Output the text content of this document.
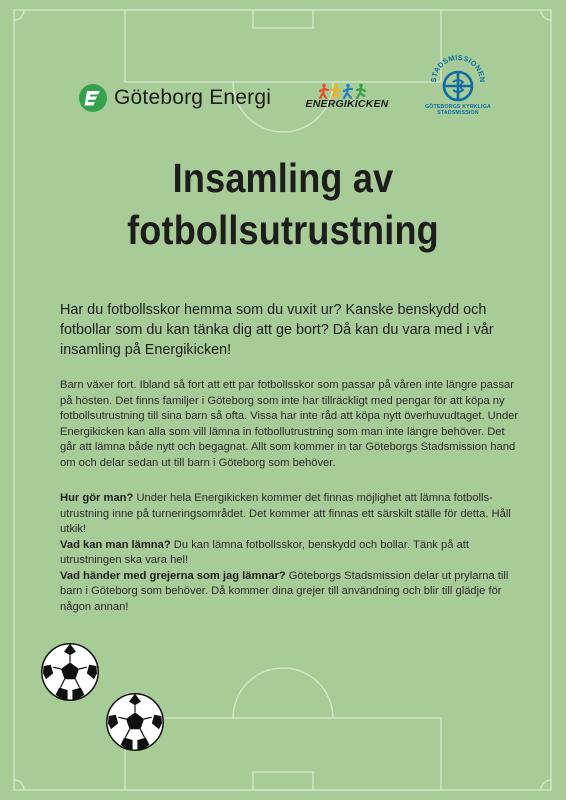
Göteborg Energi	ENERGIKICKEN
STADSMISSIONEN
GÖTEBORGS KYRKLIGA
STADSMISSION
Insamling av
fotbollsutrustning

Har du fotbollsskor hemma som du vuxit ur? Kanske benskydd och fotbollar som du kan tänka dig att ge bort? Då kan du vara med i vår insamling på Energikicken!

Barn växer fort. Ibland så fort att ett par fotbollsskor som passar på våren inte längre passar på hösten. Det finns familjer i Göteborg som inte har tillräckligt med pengar för att köpa ny fotbollsutrustning till sina barn så ofta. Vissa har inte råd att köpa nytt överhuvudtaget. Under Energikicken kan alla som vill lämna in fotbollutrustning som man inte längre behöver. Det går att lämna både nytt och begagnat. Allt som kommer in tar Göteborgs Stadsmission hand om och delar sedan ut till barn i Göteborg som behöver.

Hur gör man? Under hela Energikicken kommer det finnas möjlighet att lämna fotbolls-utrustning inne på turneringsområdet. Det kommer att finnas ett särskilt ställe för detta. Håll utkik!
Vad kan man lämna? Du kan lämna fotbollsskor, benskydd och bollar. Tänk på att utrustningen ska vara hel!
Vad händer med grejerna som jag lämnar? Göteborgs Stadsmission delar ut prylarna till barn i Göteborg som behöver. Då kommer dina grejer till användning och blir till glädje för någon annan!
